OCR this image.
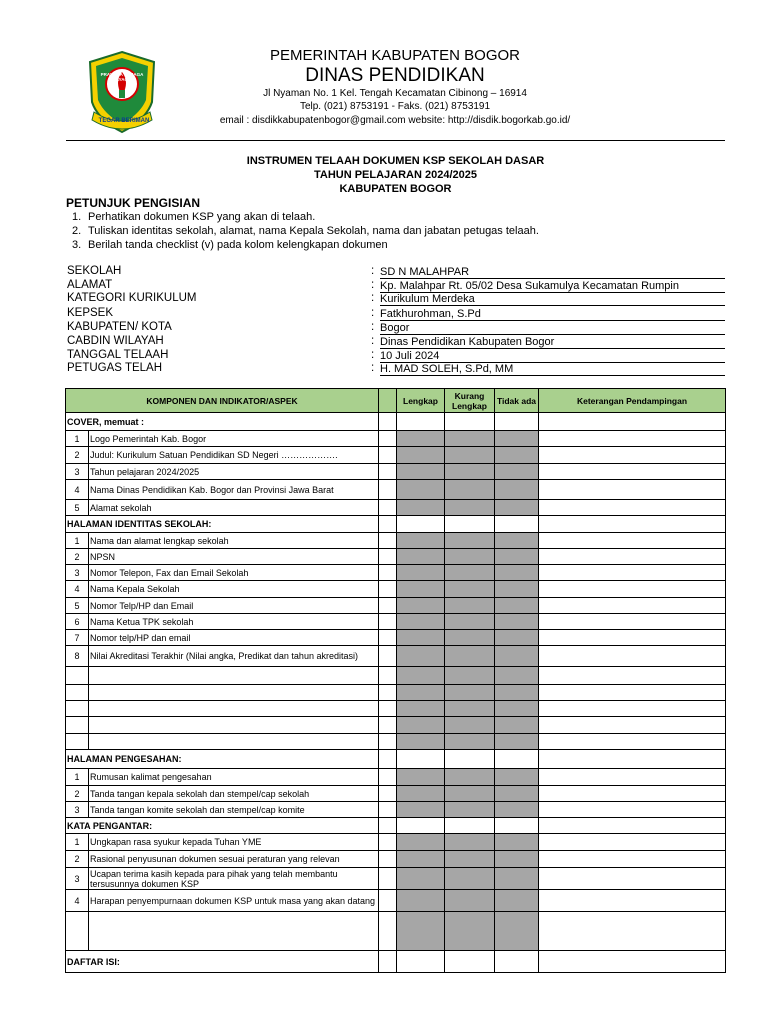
TEGAR BERIMAN
PRAYOGA TOHAGA SAYAGA
PEMERINTAH KABUPATEN BOGOR
DINAS PENDIDIKAN
Jl Nyaman No. 1 Kel. Tengah Kecamatan Cibinong – 16914
Telp. (021) 8753191 - Faks. (021) 8753191
email : disdikkabupatenbogor@gmail.com website: http://disdik.bogorkab.go.id/
INSTRUMEN TELAAH DOKUMEN KSP SEKOLAH DASAR
TAHUN PELAJARAN 2024/2025
KABUPATEN BOGOR
PETUNJUK PENGISIAN
1. Perhatikan dokumen KSP yang akan di telaah.
2. Tuliskan identitas sekolah, alamat, nama Kepala Sekolah, nama dan jabatan petugas telaah.
3. Berilah tanda checklist (v) pada kolom kelengkapan dokumen
SEKOLAH	: SD N MALAHPAR
ALAMAT	: Kp. Malahpar Rt. 05/02 Desa Sukamulya Kecamatan Rumpin
KATEGORI KURIKULUM	: Kurikulum Merdeka
KEPSEK	: Fatkhurohman, S.Pd
KABUPATEN/ KOTA	: Bogor
CABDIN WILAYAH	: Dinas Pendidikan Kabupaten Bogor
TANGGAL TELAAH	: 10 Juli 2024
PETUGAS TELAH	: H. MAD SOLEH, S.Pd, MM
KOMPONEN DAN INDIKATOR/ASPEK			Lengkap	Kurang Lengkap	Tidak ada	Keterangan Pendampingan
COVER, memuat :						
1	Logo Pemerintah Kab. Bogor					
2	Judul: Kurikulum Satuan Pendidikan SD Negeri ……………….					
3	Tahun pelajaran 2024/2025					
4	Nama Dinas Pendidikan Kab. Bogor dan Provinsi Jawa Barat					
5	Alamat sekolah					
HALAMAN IDENTITAS SEKOLAH:						
1	Nama dan alamat lengkap sekolah					
2	NPSN					
3	Nomor Telepon, Fax dan Email Sekolah					
4	Nama Kepala Sekolah					
5	Nomor Telp/HP dan Email					
6	Nama Ketua TPK sekolah					
7	Nomor telp/HP dan email					
8	Nilai Akreditasi Terakhir (Nilai angka, Predikat dan tahun akreditasi)					

HALAMAN PENGESAHAN:						
1	Rumusan kalimat pengesahan					
2	Tanda tangan kepala sekolah dan stempel/cap sekolah					
3	Tanda tangan komite sekolah dan stempel/cap komite					
KATA PENGANTAR:						
1	Ungkapan rasa syukur kepada Tuhan YME					
2	Rasional penyusunan dokumen sesuai peraturan yang relevan					
3	Ucapan terima kasih kepada para pihak yang telah membantu tersusunnya dokumen KSP					
4	Harapan penyempurnaan dokumen KSP untuk masa yang akan datang					

DAFTAR ISI:						
